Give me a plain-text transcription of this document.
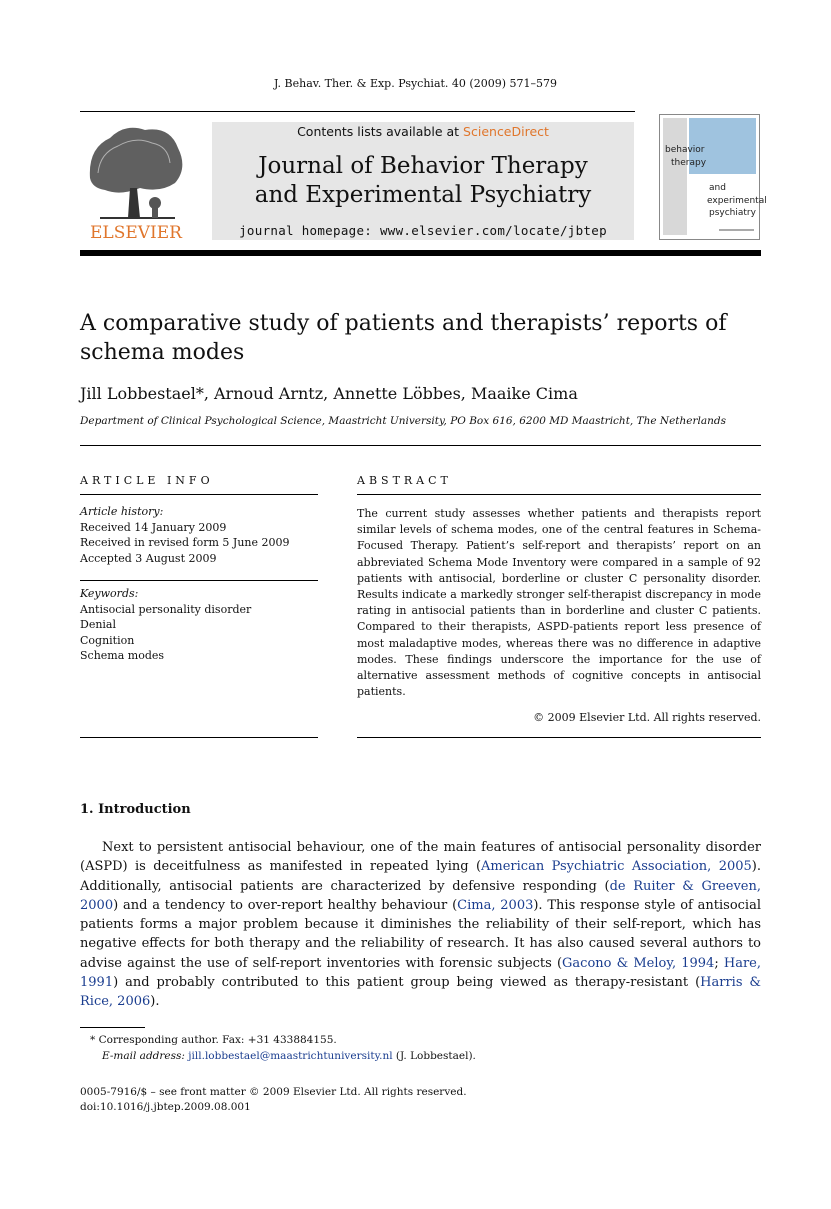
J. Behav. Ther. & Exp. Psychiat. 40 (2009) 571–579
ELSEVIER
Contents lists available at ScienceDirect
Journal of Behavior Therapy
and Experimental Psychiatry
journal homepage: www.elsevier.com/locate/jbtep
behavior
therapy
and
experimental
psychiatry
A comparative study of patients and therapists’ reports of schema modes
Jill Lobbestael*, Arnoud Arntz, Annette Löbbes, Maaike Cima
Department of Clinical Psychological Science, Maastricht University, PO Box 616, 6200 MD Maastricht, The Netherlands
ARTICLE INFO	ABSTRACT
Article history:
Received 14 January 2009
Received in revised form 5 June 2009
Accepted 3 August 2009
Keywords:
Antisocial personality disorder
Denial
Cognition
Schema modes
The current study assesses whether patients and therapists report similar levels of schema modes, one of the central features in Schema-Focused Therapy. Patient’s self-report and therapists’ report on an abbreviated Schema Mode Inventory were compared in a sample of 92 patients with antisocial, borderline or cluster C personality disorder. Results indicate a markedly stronger self-therapist discrepancy in mode rating in antisocial patients than in borderline and cluster C patients. Compared to their therapists, ASPD-patients report less presence of most maladaptive modes, whereas there was no difference in adaptive modes. These findings underscore the importance for the use of alternative assessment methods of cognitive concepts in antisocial patients.
© 2009 Elsevier Ltd. All rights reserved.
1. Introduction

Next to persistent antisocial behaviour, one of the main features of antisocial personality disorder (ASPD) is deceitfulness as manifested in repeated lying (American Psychiatric Association, 2005). Additionally, antisocial patients are characterized by defensive responding (de Ruiter & Greeven, 2000) and a tendency to over-report healthy behaviour (Cima, 2003). This response style of antisocial patients forms a major problem because it diminishes the reliability of their self-report, which has negative effects for both therapy and the reliability of research. It has also caused several authors to advise against the use of self-report inventories with forensic subjects (Gacono & Meloy, 1994; Hare, 1991) and probably contributed to this patient group being viewed as therapy-resistant (Harris & Rice, 2006).

* Corresponding author. Fax: +31 433884155.
E-mail address: jill.lobbestael@maastrichtuniversity.nl (J. Lobbestael).
0005-7916/$ – see front matter © 2009 Elsevier Ltd. All rights reserved.
doi:10.1016/j.jbtep.2009.08.001
